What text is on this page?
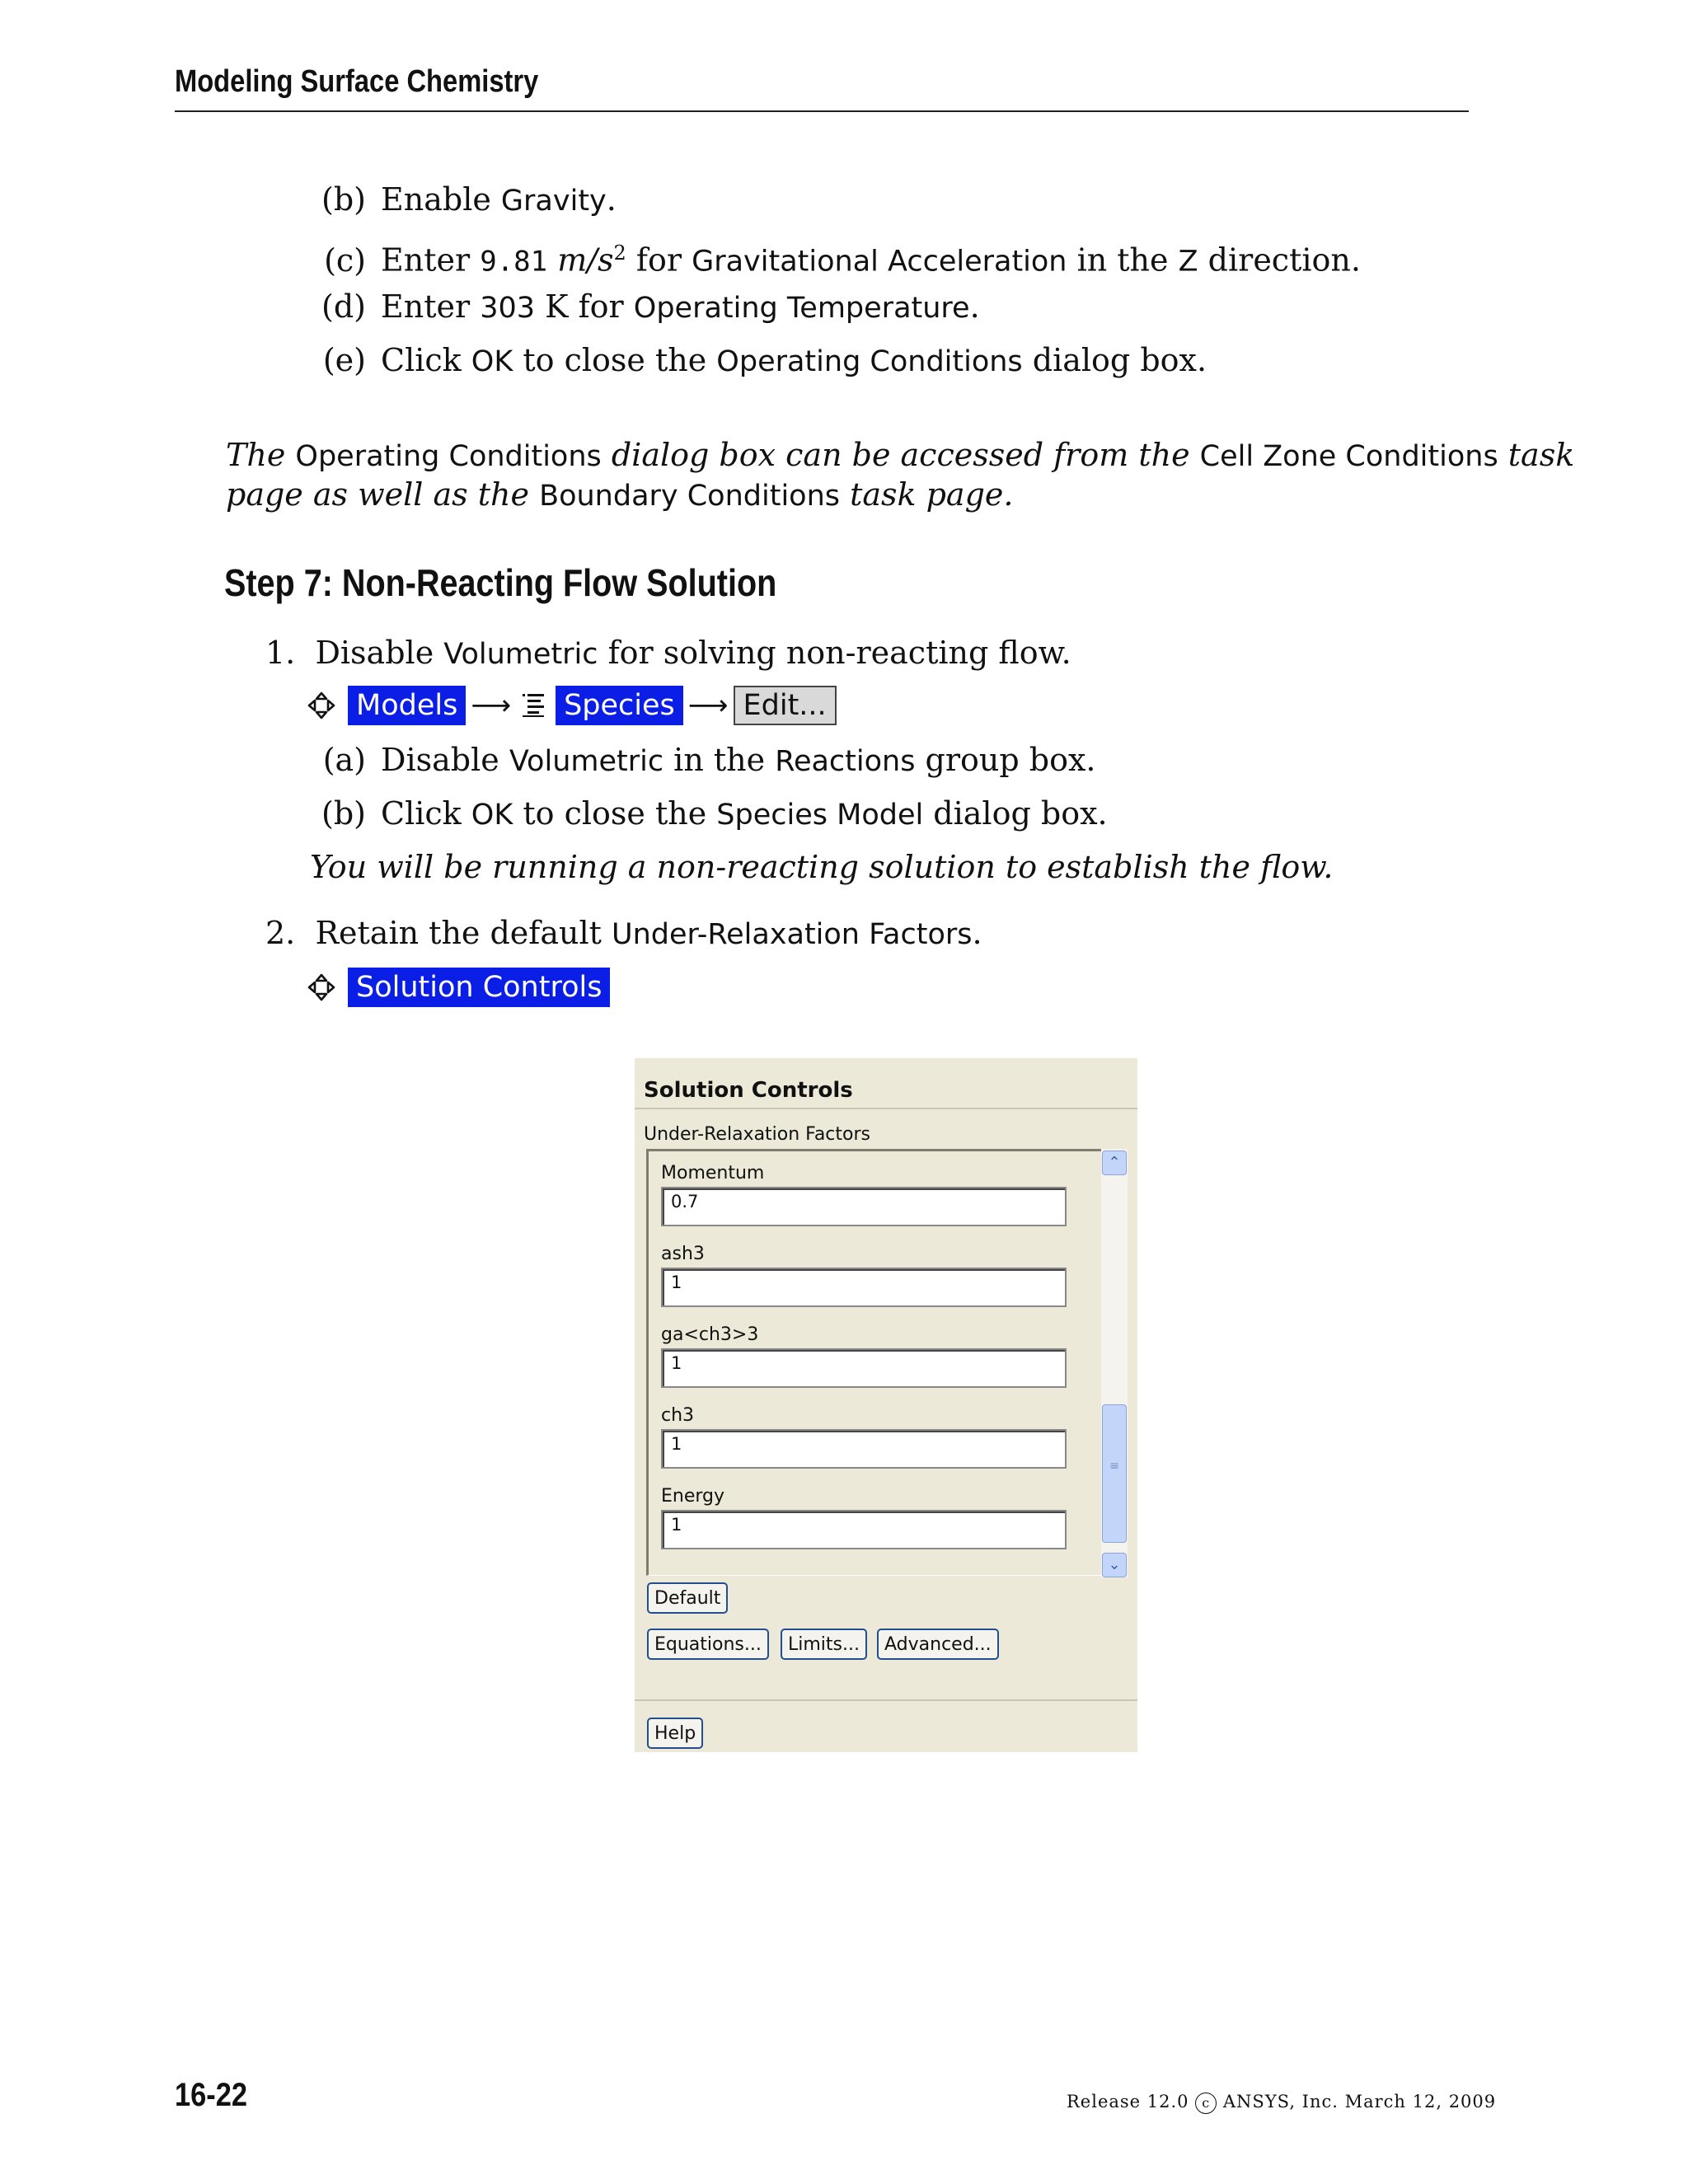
Modeling Surface Chemistry
(b) Enable Gravity.
(c) Enter 9.81 $m/s^2$ for Gravitational Acceleration in the Z direction.
(d) Enter 303 K for Operating Temperature.
(e) Click OK to close the Operating Conditions dialog box.
The Operating Conditions dialog box can be accessed from the Cell Zone Conditions task
page as well as the Boundary Conditions task page.
Step 7: Non-Reacting Flow Solution
1. Disable Volumetric for solving non-reacting flow.
Models ⟶ Species ⟶ Edit...
(a) Disable Volumetric in the Reactions group box.
(b) Click OK to close the Species Model dialog box.
You will be running a non-reacting solution to establish the flow.
2. Retain the default Under-Relaxation Factors.
Solution Controls
Solution Controls
Under-Relaxation Factors
Momentum
0.7
ash3
1
ga<ch3>3
1
ch3
1
Energy
1
⌃
≡
⌄
Default
Equations...	Limits...	Advanced...
Help
16-22	Release 12.0 c ANSYS, Inc. March 12, 2009
